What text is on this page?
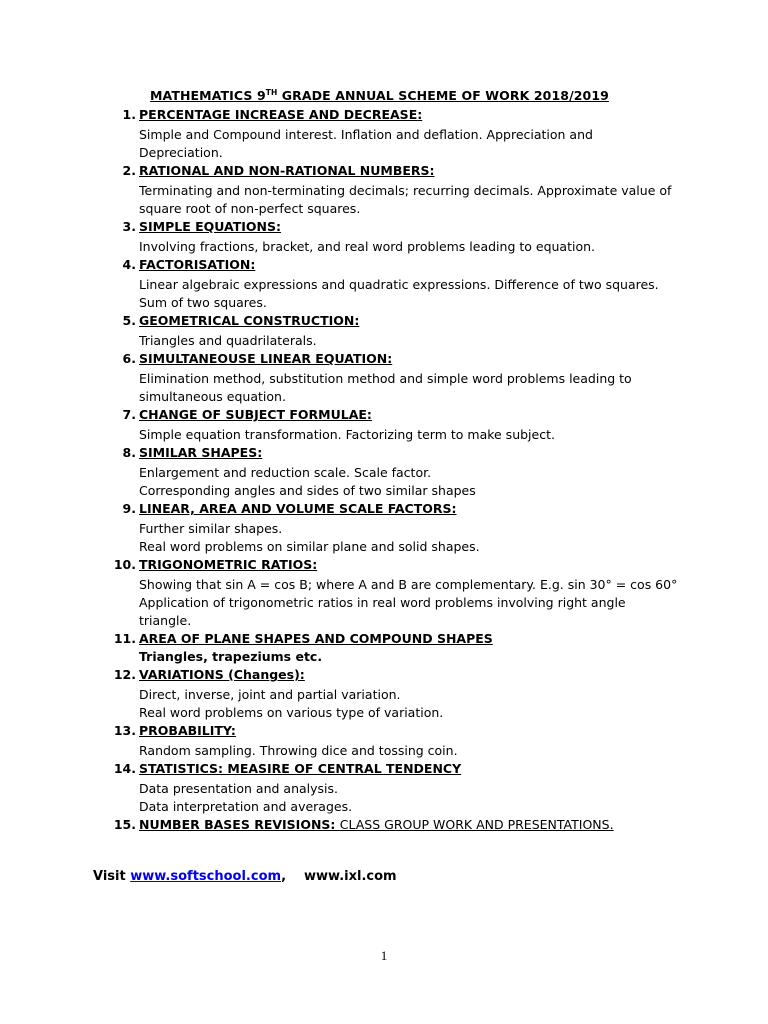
MATHEMATICS 9TH GRADE ANNUAL SCHEME OF WORK 2018/2019
1. PERCENTAGE INCREASE AND DECREASE:
Simple and Compound interest. Inflation and deflation. Appreciation and
Depreciation.
2. RATIONAL AND NON-RATIONAL NUMBERS:
Terminating and non-terminating decimals; recurring decimals. Approximate value of
square root of non-perfect squares.
3. SIMPLE EQUATIONS:
Involving fractions, bracket, and real word problems leading to equation.
4. FACTORISATION:
Linear algebraic expressions and quadratic expressions. Difference of two squares.
Sum of two squares.
5. GEOMETRICAL CONSTRUCTION:
Triangles and quadrilaterals.
6. SIMULTANEOUSE LINEAR EQUATION:
Elimination method, substitution method and simple word problems leading to
simultaneous equation.
7. CHANGE OF SUBJECT FORMULAE:
Simple equation transformation. Factorizing term to make subject.
8. SIMILAR SHAPES:
Enlargement and reduction scale. Scale factor.
Corresponding angles and sides of two similar shapes
9. LINEAR, AREA AND VOLUME SCALE FACTORS:
Further similar shapes.
Real word problems on similar plane and solid shapes.
10. TRIGONOMETRIC RATIOS:
Showing that sin A = cos B; where A and B are complementary. E.g. sin 30° = cos 60°
Application of trigonometric ratios in real word problems involving right angle
triangle.
11. AREA OF PLANE SHAPES AND COMPOUND SHAPES
Triangles, trapeziums etc.
12. VARIATIONS (Changes):
Direct, inverse, joint and partial variation.
Real word problems on various type of variation.
13. PROBABILITY:
Random sampling. Throwing dice and tossing coin.
14. STATISTICS: MEASIRE OF CENTRAL TENDENCY
Data presentation and analysis.
Data interpretation and averages.
15. NUMBER BASES REVISIONS: CLASS GROUP WORK AND PRESENTATIONS.
Visit www.softschool.com, www.ixl.com
1
